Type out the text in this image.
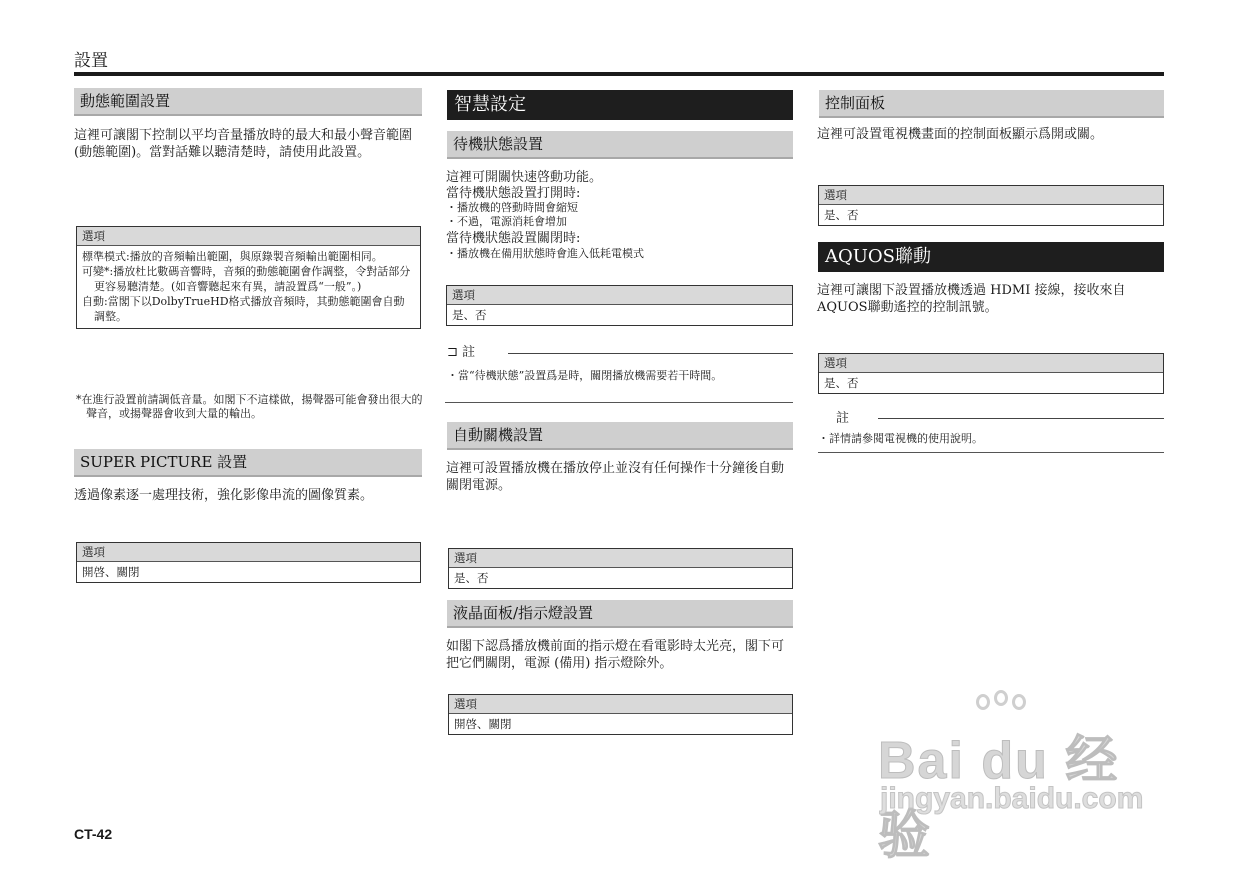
設置
動態範圍設置
這裡可讓閣下控制以平均音量播放時的最大和最小聲音範圍(動態範圍)。當對話難以聽清楚時，請使用此設置。
選項
標準模式:播放的音頻輸出範圍，與原錄製音頻輸出範圍相同。
可變*:播放杜比數碼音響時，音頻的動態範圍會作調整，令對話部分更容易聽清楚。(如音響聽起來有異，請設置爲“一般”。)
自動:當閣下以DolbyTrueHD格式播放音頻時，其動態範圍會自動調整。
*在進行設置前請調低音量。如閣下不這樣做，揚聲器可能會發出很大的聲音，或揚聲器會收到大量的輸出。
SUPER PICTURE 設置
透過像素逐一處理技術，強化影像串流的圖像質素。
選項
開啓、關閉
智慧設定
待機狀態設置
這裡可開關快速啓動功能。
當待機狀態設置打開時:
・播放機的啓動時間會縮短
・不過，電源消耗會增加
當待機狀態設置關閉時:
・播放機在備用狀態時會進入低耗電模式
選項
是、否
⊐ 註
・當“待機狀態”設置爲是時，關閉播放機需要若干時間。
自動關機設置
這裡可設置播放機在播放停止並沒有任何操作十分鐘後自動關閉電源。
選項
是、否
液晶面板/指示燈設置
如閣下認爲播放機前面的指示燈在看電影時太光亮，閣下可把它們關閉，電源 (備用) 指示燈除外。
選項
開啓、關閉
控制面板
這裡可設置電視機畫面的控制面板顯示爲開或關。
選項
是、否
AQUOS聯動
這裡可讓閣下設置播放機透過 HDMI 接線，接收來自AQUOS聯動遙控的控制訊號。
選項
是、否
註
・詳情請參閱電視機的使用說明。
CT-42
Bai du 经验
jingyan.baidu.com
